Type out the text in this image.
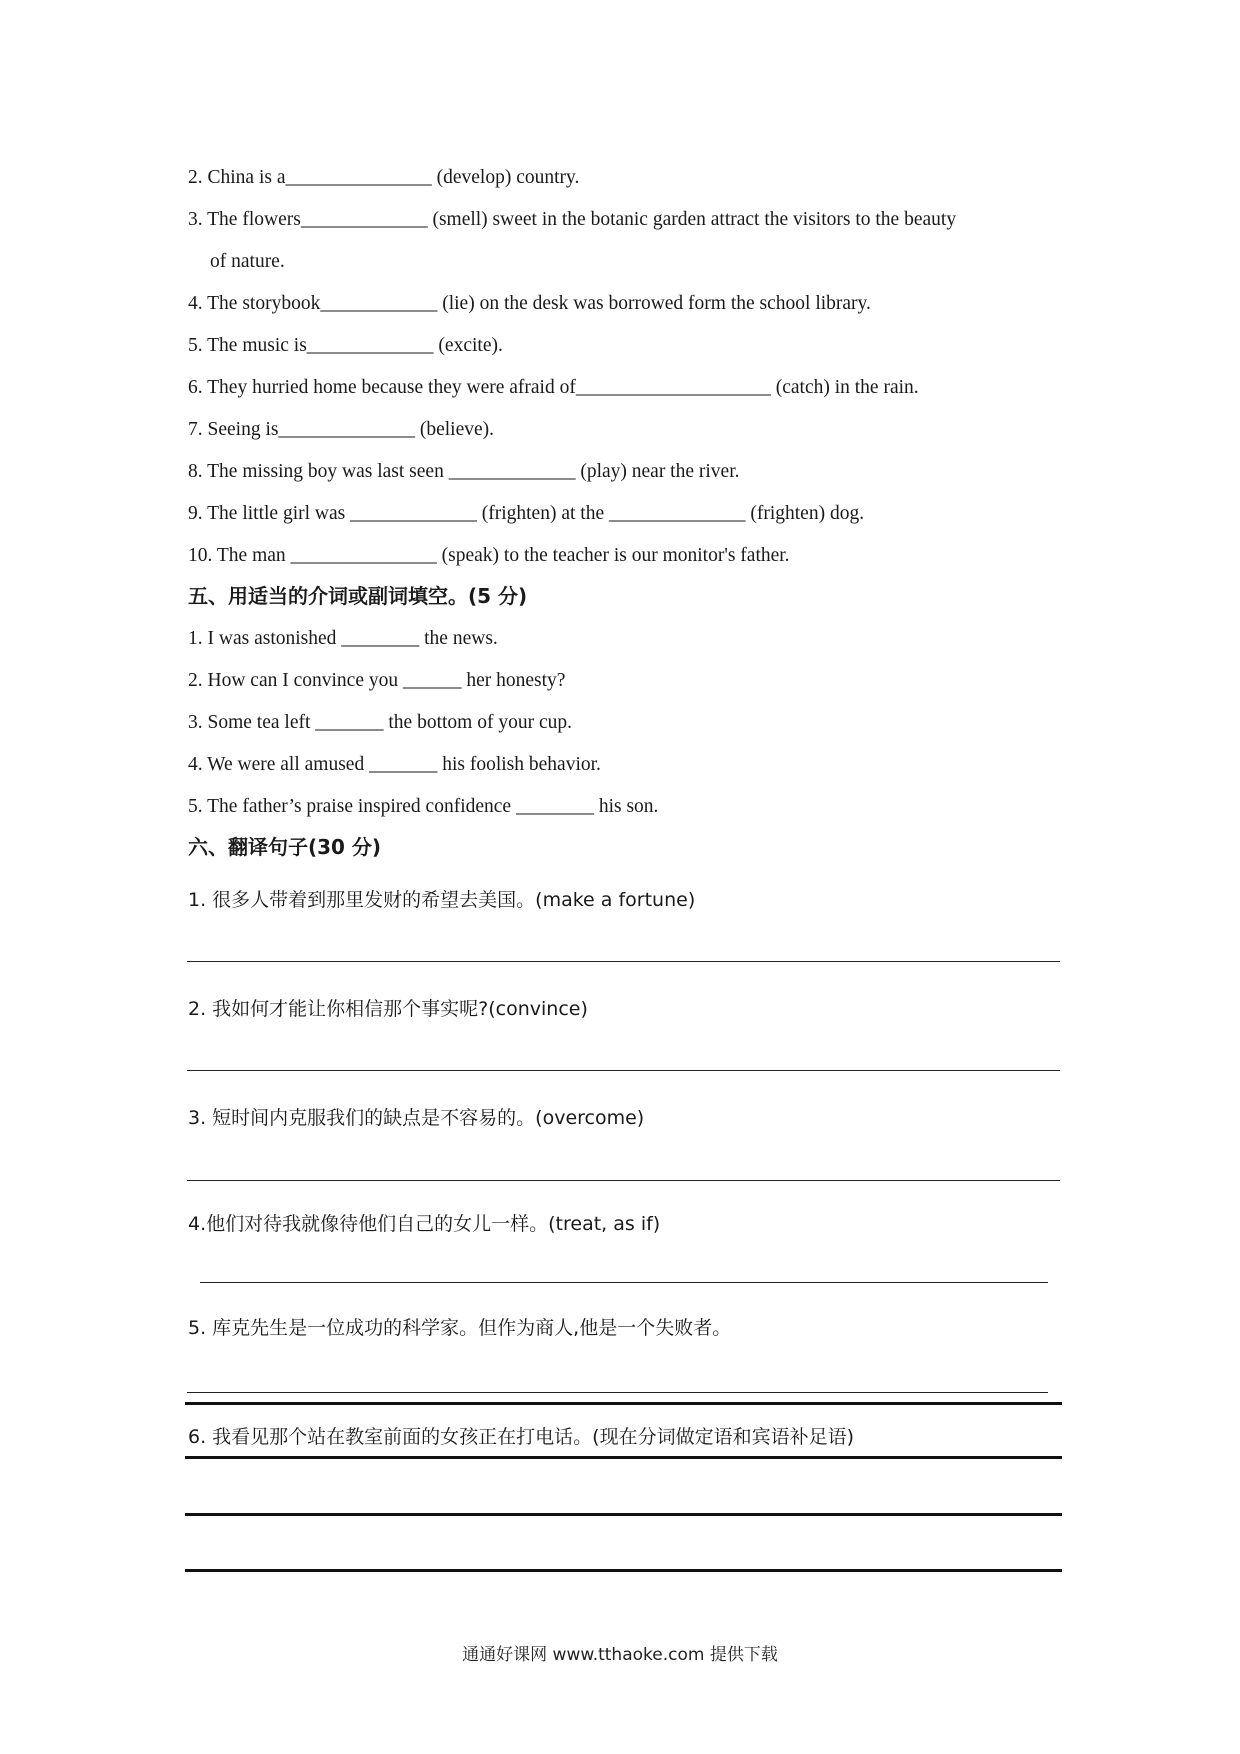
2. China is a_______________ (develop) country.
3. The flowers_____________ (smell) sweet in the botanic garden attract the visitors to the beauty
of nature.
4. The storybook____________ (lie) on the desk was borrowed form the school library.
5. The music is_____________ (excite).
6. They hurried home because they were afraid of____________________ (catch) in the rain.
7. Seeing is______________ (believe).
8. The missing boy was last seen _____________ (play) near the river.
9. The little girl was _____________ (frighten) at the ______________ (frighten) dog.
10. The man _______________ (speak) to the teacher is our monitor's father.
五、用适当的介词或副词填空。(5 分)
1. I was astonished ________ the news.
2. How can I convince you ______ her honesty?
3. Some tea left _______ the bottom of your cup.
4. We were all amused _______ his foolish behavior.
5. The father’s praise inspired confidence ________ his son.
六、翻译句子(30 分)
1. 很多人带着到那里发财的希望去美国。(make a fortune)
2. 我如何才能让你相信那个事实呢?(convince)
3. 短时间内克服我们的缺点是不容易的。(overcome)
4.他们对待我就像待他们自己的女儿一样。(treat, as if)
5. 库克先生是一位成功的科学家。但作为商人,他是一个失败者。
6. 我看见那个站在教室前面的女孩正在打电话。(现在分词做定语和宾语补足语)
通通好课网 www.tthaoke.com 提供下载
